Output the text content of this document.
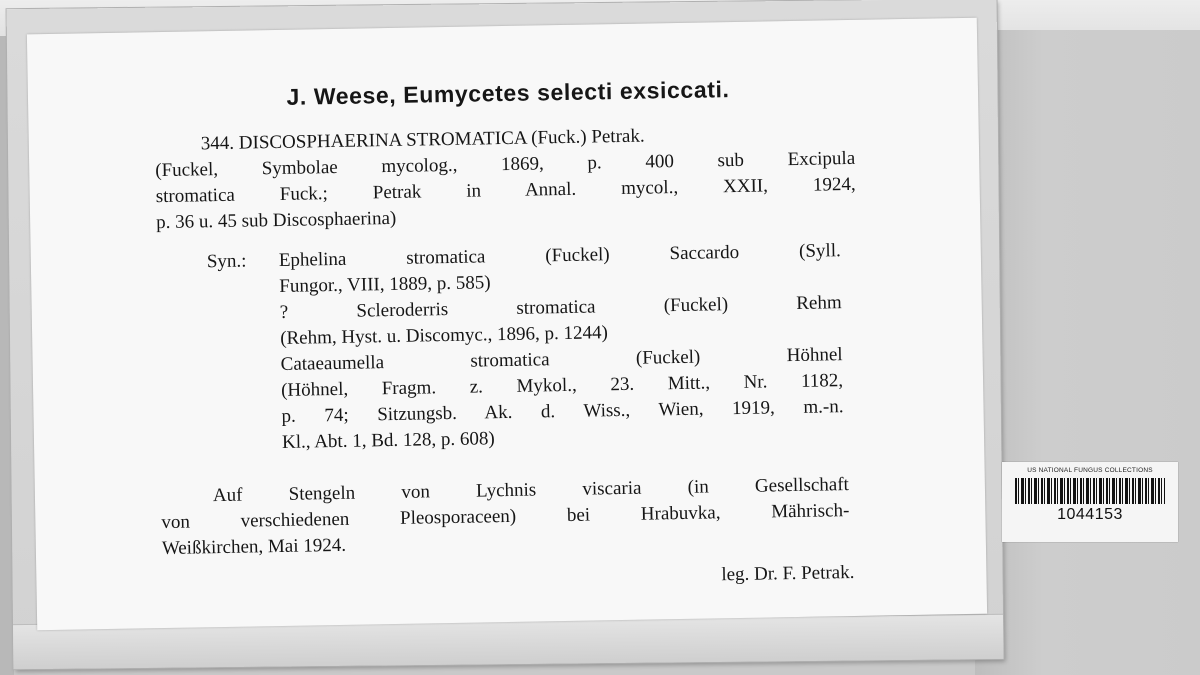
J. Weese, Eumycetes selecti exsiccati.
344. DISCOSPHAERINA STROMATICA (Fuck.) Petrak.
(Fuckel, Symbolae mycolog., 1869, p. 400 sub Excipula
stromatica Fuck.; Petrak in Annal. mycol., XXII, 1924,
p. 36 u. 45 sub Discosphaerina)
Syn.: Ephelina stromatica (Fuckel) Saccardo (Syll.
Fungor., VIII, 1889, p. 585)
? Scleroderris stromatica (Fuckel) Rehm
(Rehm, Hyst. u. Discomyc., 1896, p. 1244)
Cataeaumella stromatica (Fuckel) Höhnel
(Höhnel, Fragm. z. Mykol., 23. Mitt., Nr. 1182,
p. 74; Sitzungsb. Ak. d. Wiss., Wien, 1919, m.-n.
Kl., Abt. 1, Bd. 128, p. 608)
Auf Stengeln von Lychnis viscaria (in Gesellschaft
von verschiedenen Pleosporaceen) bei Hrabuvka, Mährisch-
Weißkirchen, Mai 1924.
leg. Dr. F. Petrak.
US NATIONAL FUNGUS COLLECTIONS
1044153
